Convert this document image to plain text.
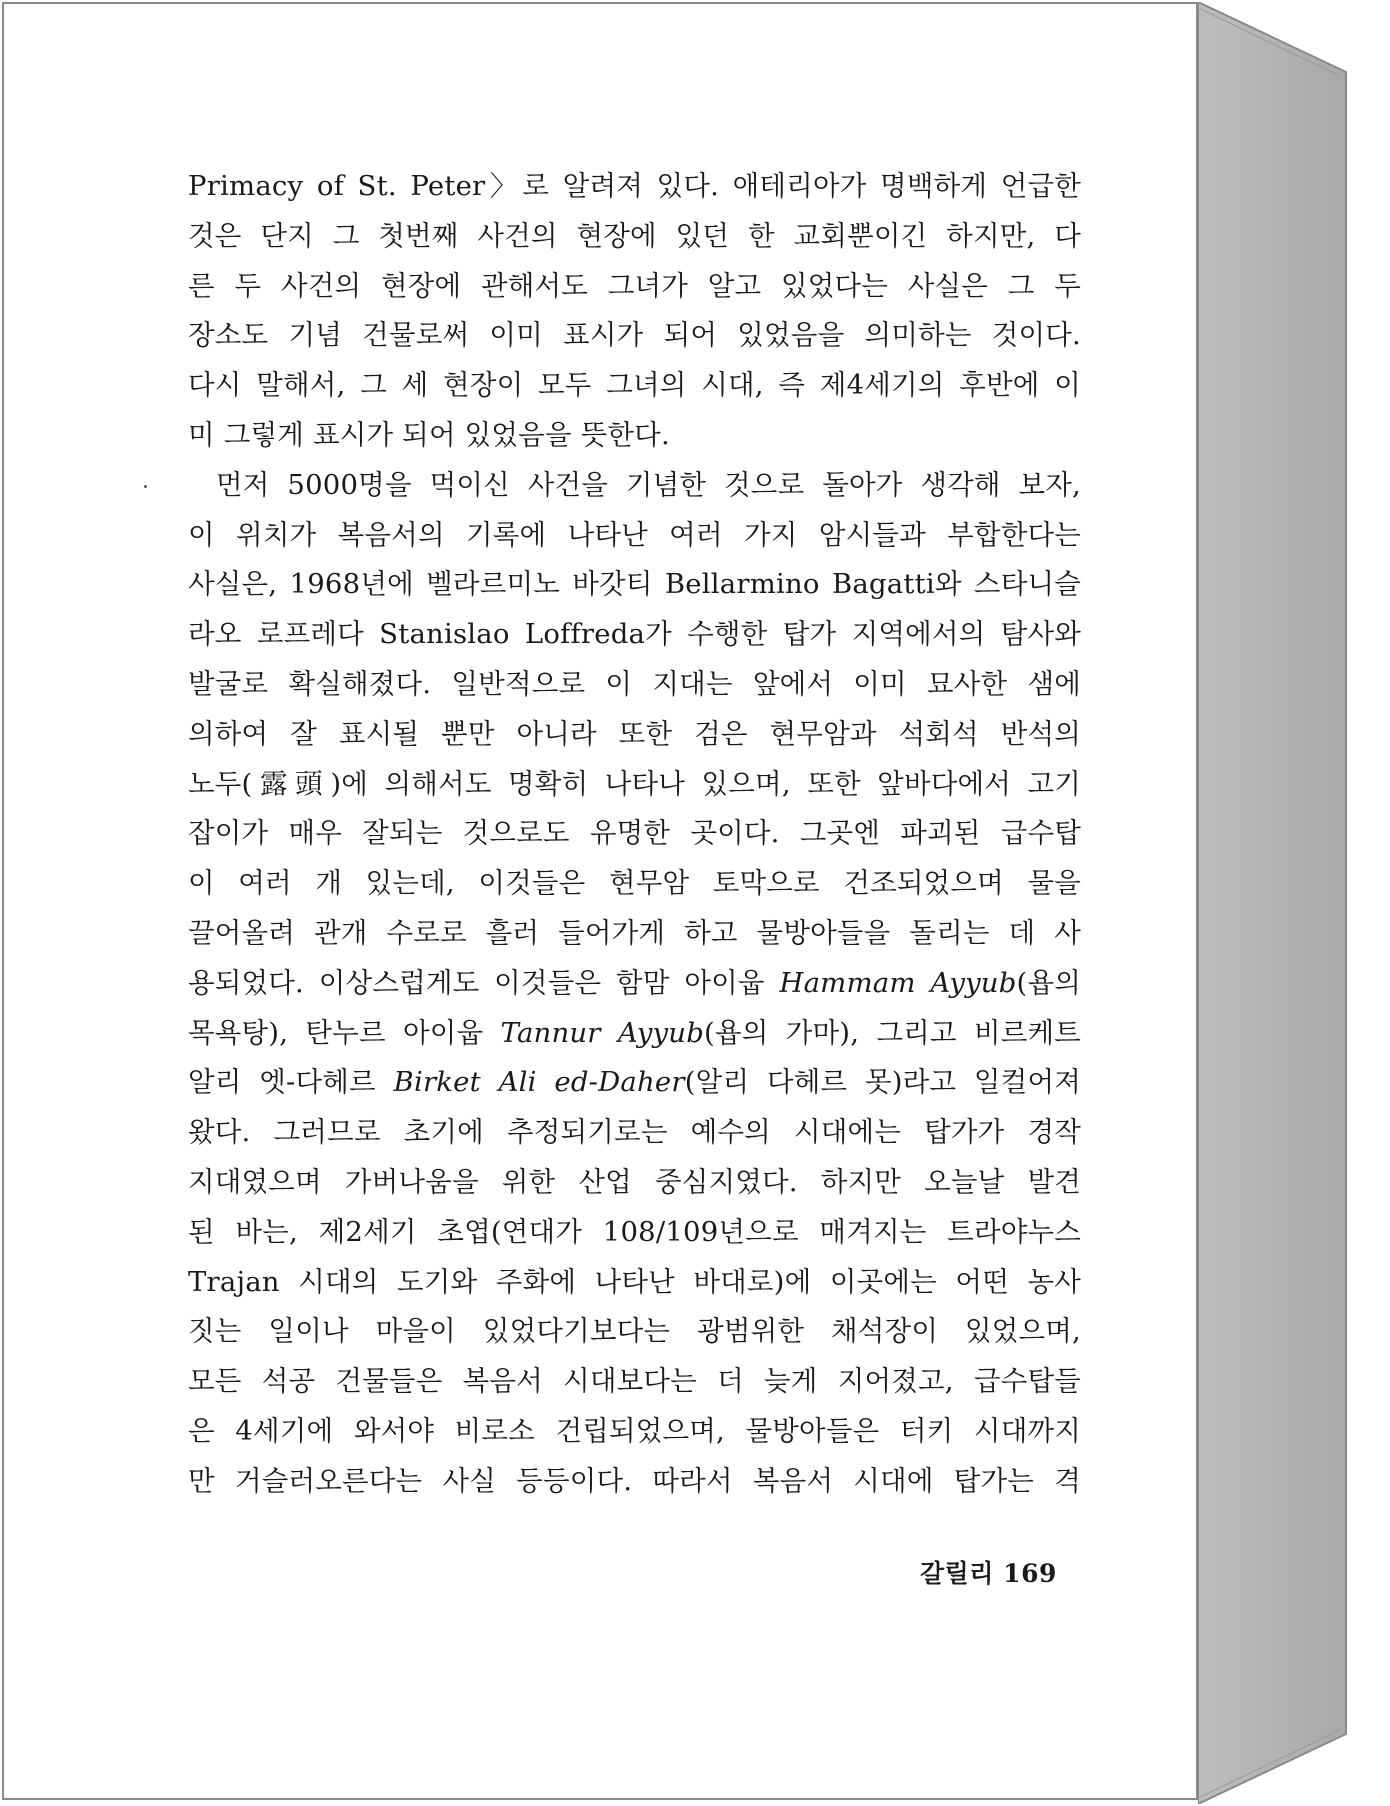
Primacy of St. Peter〉로 알려져 있다. 애테리아가 명백하게 언급한
것은 단지 그 첫번째 사건의 현장에 있던 한 교회뿐이긴 하지만, 다
른 두 사건의 현장에 관해서도 그녀가 알고 있었다는 사실은 그 두
장소도 기념 건물로써 이미 표시가 되어 있었음을 의미하는 것이다.
다시 말해서, 그 세 현장이 모두 그녀의 시대, 즉 제4세기의 후반에 이
미 그렇게 표시가 되어 있었음을 뜻한다.
먼저 5000명을 먹이신 사건을 기념한 것으로 돌아가 생각해 보자,
이 위치가 복음서의 기록에 나타난 여러 가지 암시들과 부합한다는
사실은, 1968년에 벨라르미노 바갓티 Bellarmino Bagatti와 스타니슬
라오 로프레다 Stanislao Loffreda가 수행한 탑가 지역에서의 탐사와
발굴로 확실해졌다. 일반적으로 이 지대는 앞에서 이미 묘사한 샘에
의하여 잘 표시될 뿐만 아니라 또한 검은 현무암과 석회석 반석의
노두(露頭)에 의해서도 명확히 나타나 있으며, 또한 앞바다에서 고기
잡이가 매우 잘되는 것으로도 유명한 곳이다. 그곳엔 파괴된 급수탑
이 여러 개 있는데, 이것들은 현무암 토막으로 건조되었으며 물을
끌어올려 관개 수로로 흘러 들어가게 하고 물방아들을 돌리는 데 사
용되었다. 이상스럽게도 이것들은 함맘 아이웁 Hammam Ayyub(욥의
목욕탕), 탄누르 아이웁 Tannur Ayyub(욥의 가마), 그리고 비르케트
알리 엣-다헤르 Birket Ali ed-Daher(알리 다헤르 못)라고 일컬어져
왔다. 그러므로 초기에 추정되기로는 예수의 시대에는 탑가가 경작
지대였으며 가버나움을 위한 산업 중심지였다. 하지만 오늘날 발견
된 바는, 제2세기 초엽(연대가 108/109년으로 매겨지는 트라야누스
Trajan 시대의 도기와 주화에 나타난 바대로)에 이곳에는 어떤 농사
짓는 일이나 마을이 있었다기보다는 광범위한 채석장이 있었으며,
모든 석공 건물들은 복음서 시대보다는 더 늦게 지어졌고, 급수탑들
은 4세기에 와서야 비로소 건립되었으며, 물방아들은 터키 시대까지
만 거슬러오른다는 사실 등등이다. 따라서 복음서 시대에 탑가는 격
갈릴리 169
